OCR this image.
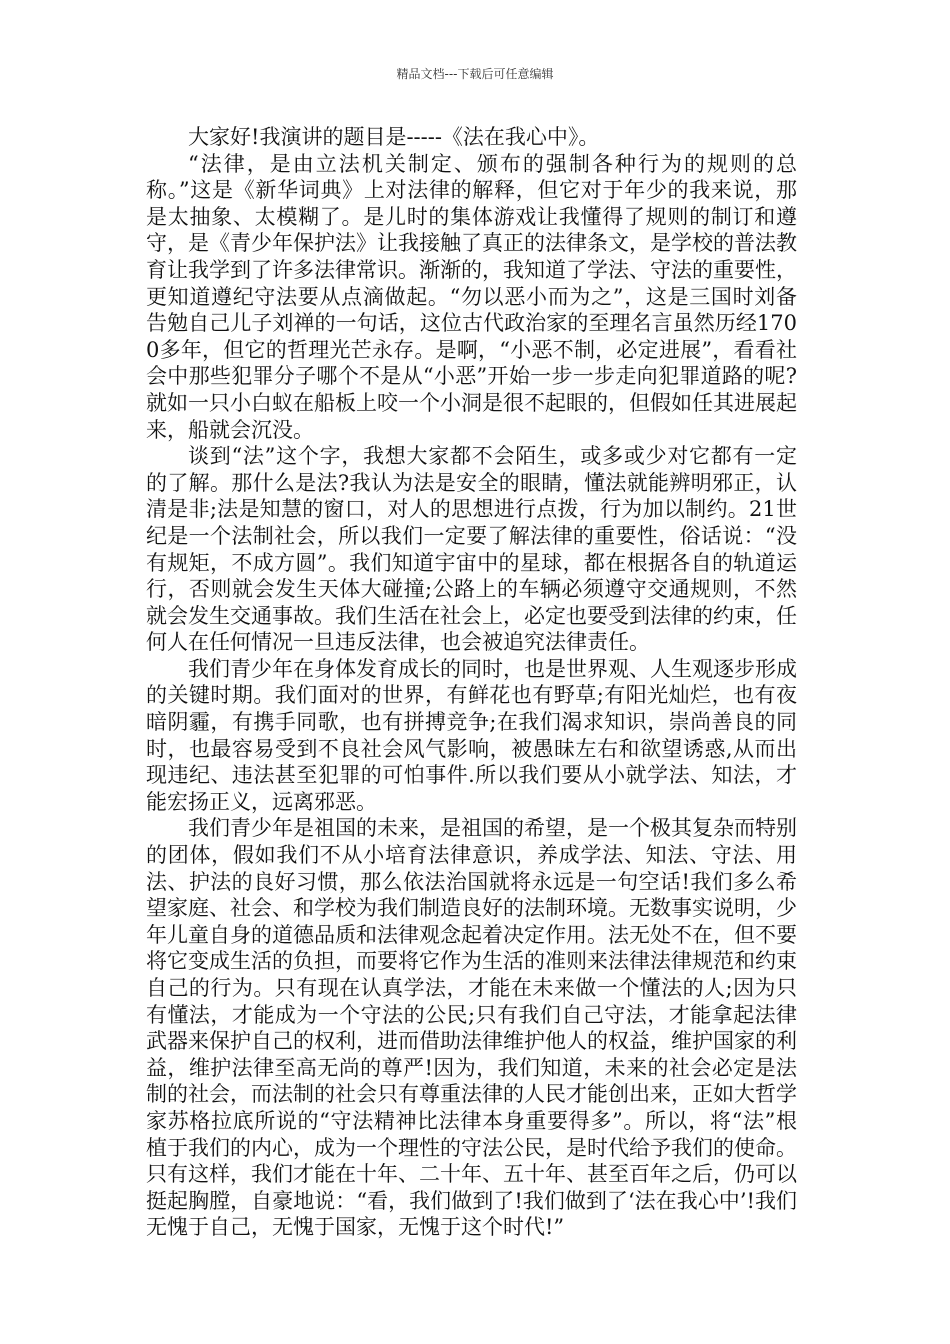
精品文档---下载后可任意编辑

大家好!我演讲的题目是-----《法在我心中》。

“法律，是由立法机关制定、颁布的强制各种行为的规则的总称。”这是《新华词典》上对法律的解释，但它对于年少的我来说，那是太抽象、太模糊了。是儿时的集体游戏让我懂得了规则的制订和遵守，是《青少年保护法》让我接触了真正的法律条文，是学校的普法教育让我学到了许多法律常识。渐渐的，我知道了学法、守法的重要性，更知道遵纪守法要从点滴做起。“勿以恶小而为之”，这是三国时刘备告勉自己儿子刘禅的一句话，这位古代政治家的至理名言虽然历经1700多年，但它的哲理光芒永存。是啊，“小恶不制，必定进展”，看看社会中那些犯罪分子哪个不是从“小恶”开始一步一步走向犯罪道路的呢?就如一只小白蚁在船板上咬一个小洞是很不起眼的，但假如任其进展起来，船就会沉没。

谈到“法”这个字，我想大家都不会陌生，或多或少对它都有一定的了解。那什么是法?我认为法是安全的眼睛，懂法就能辨明邪正，认清是非;法是知慧的窗口，对人的思想进行点拨，行为加以制约。21世纪是一个法制社会，所以我们一定要了解法律的重要性，俗话说：“没有规矩，不成方圆”。我们知道宇宙中的星球，都在根据各自的轨道运行，否则就会发生天体大碰撞;公路上的车辆必须遵守交通规则，不然就会发生交通事故。我们生活在社会上，必定也要受到法律的约束，任何人在任何情况一旦违反法律，也会被追究法律责任。

我们青少年在身体发育成长的同时，也是世界观、人生观逐步形成的关键时期。我们面对的世界，有鲜花也有野草;有阳光灿烂，也有夜暗阴霾，有携手同歌，也有拼搏竞争;在我们渴求知识，崇尚善良的同时，也最容易受到不良社会风气影响，被愚昧左右和欲望诱惑,从而出现违纪、违法甚至犯罪的可怕事件.所以我们要从小就学法、知法，才能宏扬正义，远离邪恶。

我们青少年是祖国的未来，是祖国的希望，是一个极其复杂而特别的团体，假如我们不从小培育法律意识，养成学法、知法、守法、用法、护法的良好习惯，那么依法治国就将永远是一句空话!我们多么希望家庭、社会、和学校为我们制造良好的法制环境。无数事实说明，少年儿童自身的道德品质和法律观念起着决定作用。法无处不在，但不要将它变成生活的负担，而要将它作为生活的准则来法律法律规范和约束自己的行为。只有现在认真学法，才能在未来做一个懂法的人;因为只有懂法，才能成为一个守法的公民;只有我们自己守法，才能拿起法律武器来保护自己的权利，进而借助法律维护他人的权益，维护国家的利益，维护法律至高无尚的尊严!因为，我们知道，未来的社会必定是法制的社会，而法制的社会只有尊重法律的人民才能创出来，正如大哲学家苏格拉底所说的“守法精神比法律本身重要得多”。所以，将“法”根植于我们的内心，成为一个理性的守法公民，是时代给予我们的使命。只有这样，我们才能在十年、二十年、五十年、甚至百年之后，仍可以挺起胸膛，自豪地说：“看，我们做到了!我们做到了‘法在我心中’!我们无愧于自己，无愧于国家，无愧于这个时代!”
